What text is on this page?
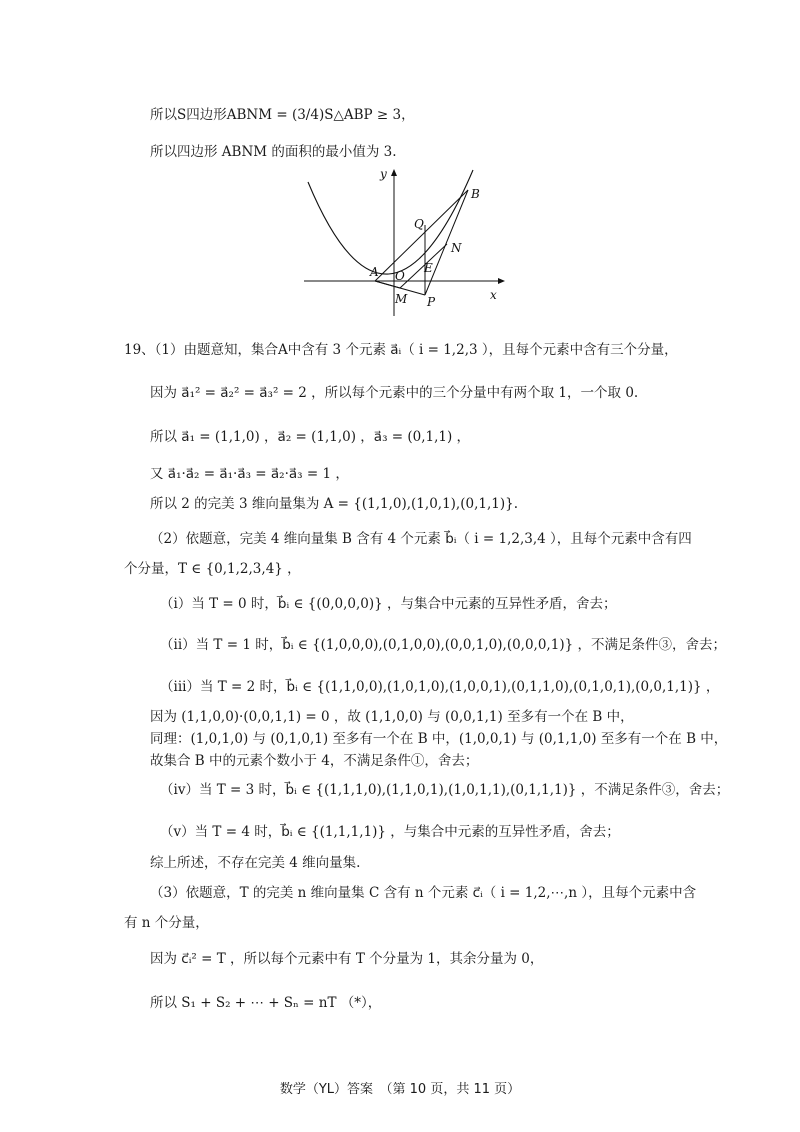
所以S四边形ABNM = (3/4)S△ABP ≥ 3，
所以四边形 ABNM 的面积的最小值为 3.
y
x
B
Q
N
A O
E
M P
19、（1）由题意知，集合A中含有 3 个元素 a⃗ᵢ（ i = 1,2,3 ），且每个元素中含有三个分量，
因为 a⃗₁² = a⃗₂² = a⃗₃² = 2 ，所以每个元素中的三个分量中有两个取 1，一个取 0.
所以 a⃗₁ = (1,1,0) ，a⃗₂ = (1,1,0) ，a⃗₃ = (0,1,1) ，
又 a⃗₁·a⃗₂ = a⃗₁·a⃗₃ = a⃗₂·a⃗₃ = 1 ，
所以 2 的完美 3 维向量集为 A = {(1,1,0),(1,0,1),(0,1,1)}.
（2）依题意，完美 4 维向量集 B 含有 4 个元素 b⃗ᵢ（ i = 1,2,3,4 ），且每个元素中含有四
个分量，T ∈ {0,1,2,3,4} ，
（i）当 T = 0 时，b⃗ᵢ ∈ {(0,0,0,0)} ，与集合中元素的互异性矛盾，舍去；
（ii）当 T = 1 时，b⃗ᵢ ∈ {(1,0,0,0),(0,1,0,0),(0,0,1,0),(0,0,0,1)} ，不满足条件③，舍去；
（iii）当 T = 2 时，b⃗ᵢ ∈ {(1,1,0,0),(1,0,1,0),(1,0,0,1),(0,1,1,0),(0,1,0,1),(0,0,1,1)} ，
因为 (1,1,0,0)·(0,0,1,1) = 0 ，故 (1,1,0,0) 与 (0,0,1,1) 至多有一个在 B 中，
同理：(1,0,1,0) 与 (0,1,0,1) 至多有一个在 B 中，(1,0,0,1) 与 (0,1,1,0) 至多有一个在 B 中，
故集合 B 中的元素个数小于 4，不满足条件①，舍去；
（iv）当 T = 3 时，b⃗ᵢ ∈ {(1,1,1,0),(1,1,0,1),(1,0,1,1),(0,1,1,1)} ，不满足条件③，舍去；
（v）当 T = 4 时，b⃗ᵢ ∈ {(1,1,1,1)} ，与集合中元素的互异性矛盾，舍去；
综上所述，不存在完美 4 维向量集.
（3）依题意，T 的完美 n 维向量集 C 含有 n 个元素 c⃗ᵢ（ i = 1,2,⋯,n ），且每个元素中含
有 n 个分量，
因为 c⃗ᵢ² = T ，所以每个元素中有 T 个分量为 1，其余分量为 0，
所以 S₁ + S₂ + ⋯ + Sₙ = nT （*），
数学（YL）答案　（第 10 页，共 11 页）
